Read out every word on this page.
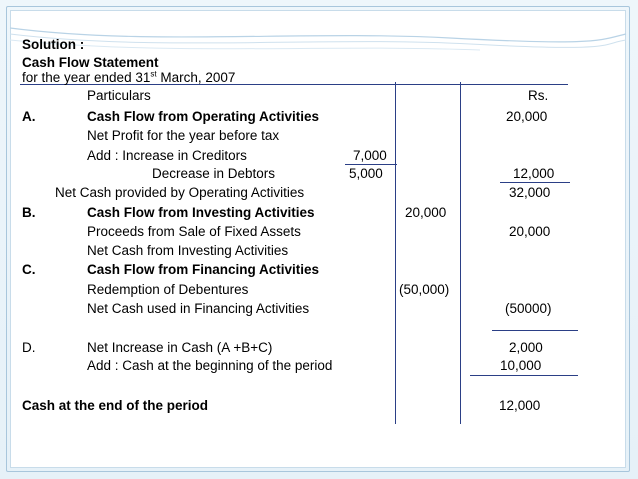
Solution :
Cash Flow Statement
for the year ended 31st March, 2007
Particulars	Rs.
A.	Cash Flow from Operating Activities	20,000
Net Profit for the year before tax
Add : Increase in Creditors	7,000
Decrease in Debtors	5,000	12,000
Net Cash provided by Operating Activities	32,000
B.	Cash Flow from Investing Activities	20,000
Proceeds from Sale of Fixed Assets	20,000
Net Cash from Investing Activities
C.	Cash Flow from Financing Activities
Redemption of Debentures	(50,000)
Net Cash used in Financing Activities	(50000)
D.	Net Increase in Cash (A +B+C)	2,000
Add : Cash at the beginning of the period	10,000
Cash at the end of the period	12,000
